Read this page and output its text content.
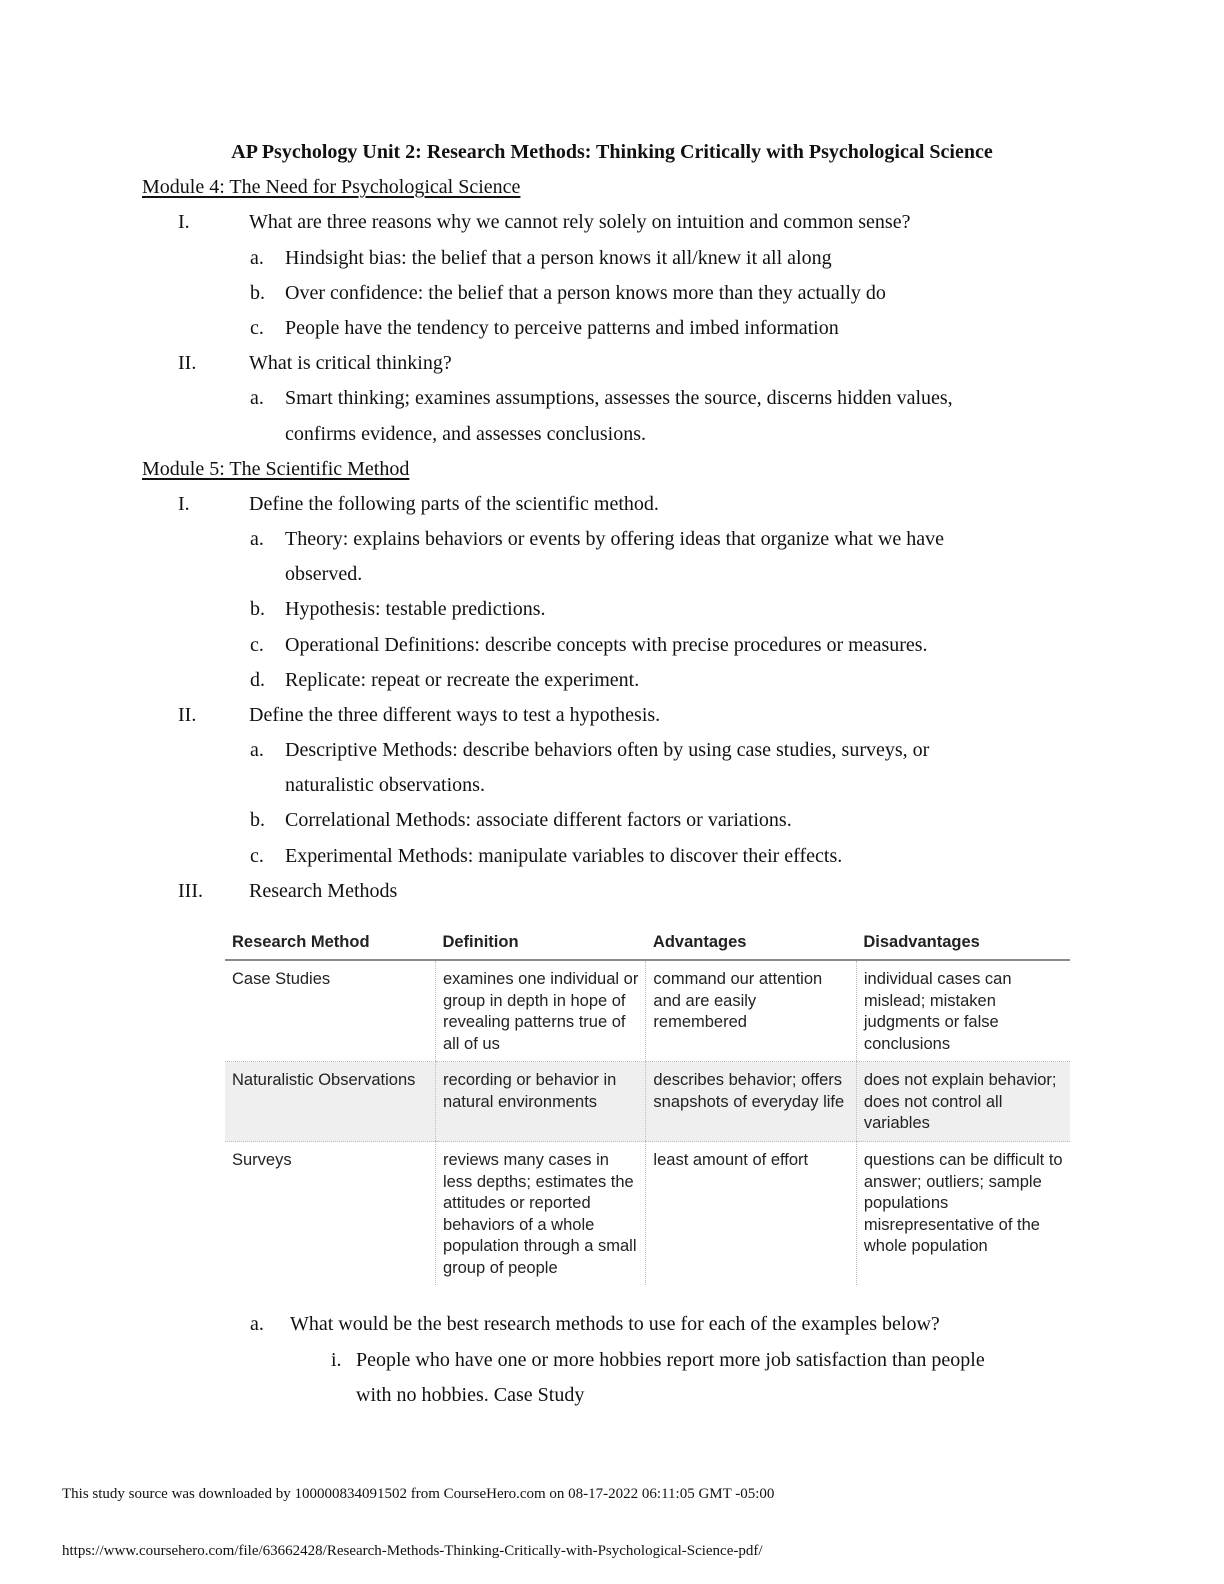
AP Psychology Unit 2: Research Methods: Thinking Critically with Psychological Science
Module 4: The Need for Psychological Science
I.	What are three reasons why we cannot rely solely on intuition and common sense?
a. Hindsight bias: the belief that a person knows it all/knew it all along
b. Over confidence: the belief that a person knows more than they actually do
c. People have the tendency to perceive patterns and imbed information
II.	What is critical thinking?
a. Smart thinking; examines assumptions, assesses the source, discerns hidden values,
confirms evidence, and assesses conclusions.
Module 5: The Scientific Method
I.	Define the following parts of the scientific method.
a. Theory: explains behaviors or events by offering ideas that organize what we have
observed.
b. Hypothesis: testable predictions.
c. Operational Definitions: describe concepts with precise procedures or measures.
d. Replicate: repeat or recreate the experiment.
II.	Define the three different ways to test a hypothesis.
a. Descriptive Methods: describe behaviors often by using case studies, surveys, or
naturalistic observations.
b. Correlational Methods: associate different factors or variations.
c. Experimental Methods: manipulate variables to discover their effects.
III. Research Methods
Research Method	Definition	Advantages	Disadvantages
Case Studies	examines one individual or group in depth in hope of revealing patterns true of all of us	command our attention and are easily remembered	individual cases can mislead; mistaken judgments or false conclusions
Naturalistic Observations	recording or behavior in natural environments	describes behavior; offers snapshots of everyday life	does not explain behavior; does not control all variables
Surveys	reviews many cases in less depths; estimates the attitudes or reported behaviors of a whole population through a small group of people	least amount of effort	questions can be difficult to answer; outliers; sample populations misrepresentative of the whole population
a. What would be the best research methods to use for each of the examples below?
i. People who have one or more hobbies report more job satisfaction than people
with no hobbies. Case Study
This study source was downloaded by 100000834091502 from CourseHero.com on 08-17-2022 06:11:05 GMT -05:00
https://www.coursehero.com/file/63662428/Research-Methods-Thinking-Critically-with-Psychological-Science-pdf/
